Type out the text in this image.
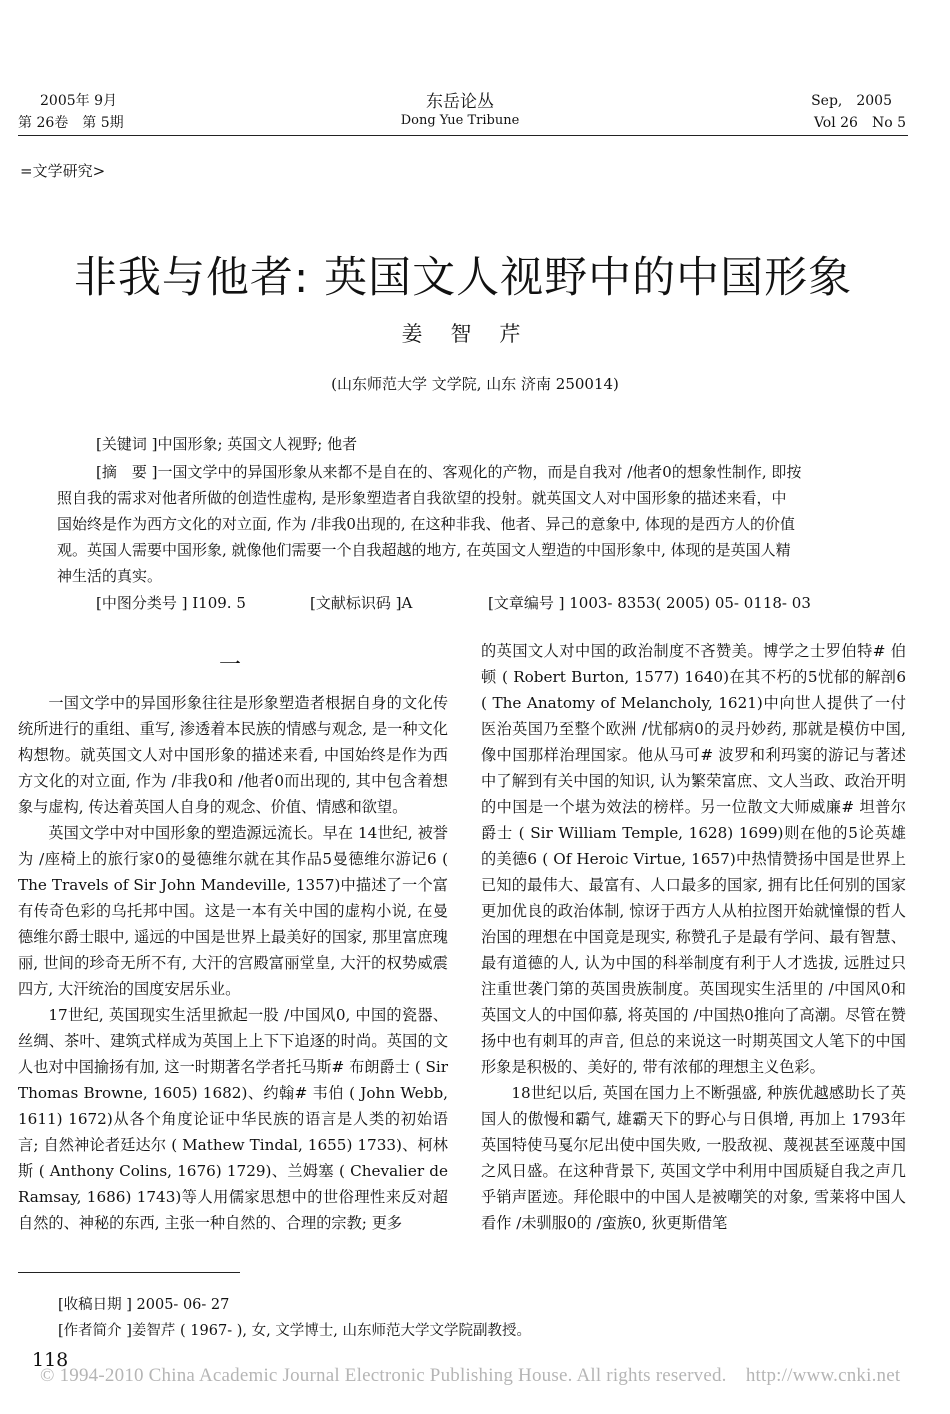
2005年 9月
第 26卷　第 5期
东岳论丛
Dong Yue Tribune
Sep,　2005
Vol 26　No 5
=文学研究>
非我与他者: 英国文人视野中的中国形象
姜智芹
(山东师范大学 文学院, 山东 济南 250014)
[关键词 ]中国形象; 英国文人视野; 他者
[摘　要 ]一国文学中的异国形象从来都不是自在的、客观化的产物，而是自我对 /他者0的想象性制作, 即按
照自我的需求对他者所做的创造性虚构, 是形象塑造者自我欲望的投射。就英国文人对中国形象的描述来看，中
国始终是作为西方文化的对立面, 作为 /非我0出现的, 在这种非我、他者、异己的意象中, 体现的是西方人的价值
观。英国人需要中国形象, 就像他们需要一个自我超越的地方, 在英国文人塑造的中国形象中, 体现的是英国人精
神生活的真实。
[中图分类号 ] I109. 5	[文献标识码 ]A	[文章编号 ] 1003- 8353( 2005) 05- 0118- 03
一

一国文学中的异国形象往往是形象塑造者根据自身的文化传统所进行的重组、重写, 渗透着本民族的情感与观念, 是一种文化构想物。就英国文人对中国形象的描述来看, 中国始终是作为西方文化的对立面, 作为 /非我0和 /他者0而出现的, 其中包含着想象与虚构, 传达着英国人自身的观念、价值、情感和欲望。

英国文学中对中国形象的塑造源远流长。早在 14世纪, 被誉为 /座椅上的旅行家0的曼德维尔就在其作品5曼德维尔游记6 ( The Travels of Sir John Mandeville, 1357)中描述了一个富有传奇色彩的乌托邦中国。这是一本有关中国的虚构小说, 在曼德维尔爵士眼中, 遥远的中国是世界上最美好的国家, 那里富庶瑰丽, 世间的珍奇无所不有, 大汗的宫殿富丽堂皇, 大汗的权势威震四方, 大汗统治的国度安居乐业。

17世纪, 英国现实生活里掀起一股 /中国风0, 中国的瓷器、丝绸、茶叶、建筑式样成为英国上上下下追逐的时尚。英国的文人也对中国揄扬有加, 这一时期著名学者托马斯# 布朗爵士 ( Sir Thomas Browne, 1605) 1682)、约翰# 韦伯 ( John Webb, 1611) 1672)从各个角度论证中华民族的语言是人类的初始语言; 自然神论者廷达尔 ( Mathew Tindal, 1655) 1733)、柯林斯 ( Anthony Colins, 1676) 1729)、兰姆塞 ( Chevalier de Ramsay, 1686) 1743)等人用儒家思想中的世俗理性来反对超自然的、神秘的东西, 主张一种自然的、合理的宗教; 更多

的英国文人对中国的政治制度不吝赞美。博学之士罗伯特# 伯顿 ( Robert Burton, 1577) 1640)在其不朽的5忧郁的解剖6 ( The Anatomy of Melancholy, 1621)中向世人提供了一付医治英国乃至整个欧洲 /忧郁病0的灵丹妙药, 那就是模仿中国, 像中国那样治理国家。他从马可# 波罗和利玛窦的游记与著述中了解到有关中国的知识, 认为繁荣富庶、文人当政、政治开明的中国是一个堪为效法的榜样。另一位散文大师威廉# 坦普尔爵士 ( Sir William Temple, 1628) 1699)则在他的5论英雄的美德6 ( Of Heroic Virtue, 1657)中热情赞扬中国是世界上已知的最伟大、最富有、人口最多的国家, 拥有比任何别的国家更加优良的政治体制, 惊讶于西方人从柏拉图开始就憧憬的哲人治国的理想在中国竟是现实, 称赞孔子是最有学问、最有智慧、最有道德的人, 认为中国的科举制度有利于人才选拔, 远胜过只注重世袭门第的英国贵族制度。英国现实生活里的 /中国风0和英国文人的中国仰慕, 将英国的 /中国热0推向了高潮。尽管在赞扬中也有刺耳的声音, 但总的来说这一时期英国文人笔下的中国形象是积极的、美好的, 带有浓郁的理想主义色彩。

18世纪以后, 英国在国力上不断强盛, 种族优越感助长了英国人的傲慢和霸气, 雄霸天下的野心与日俱增, 再加上 1793年英国特使马戛尔尼出使中国失败, 一股敌视、蔑视甚至诬蔑中国之风日盛。在这种背景下, 英国文学中利用中国质疑自我之声几乎销声匿迹。拜伦眼中的中国人是被嘲笑的对象, 雪莱将中国人看作 /未驯服0的 /蛮族0, 狄更斯借笔

[收稿日期 ] 2005- 06- 27
[作者简介 ]姜智芹 ( 1967- ), 女, 文学博士, 山东师范大学文学院副教授。
118
© 1994-2010 China Academic Journal Electronic Publishing House. All rights reserved.　http://www.cnki.net
